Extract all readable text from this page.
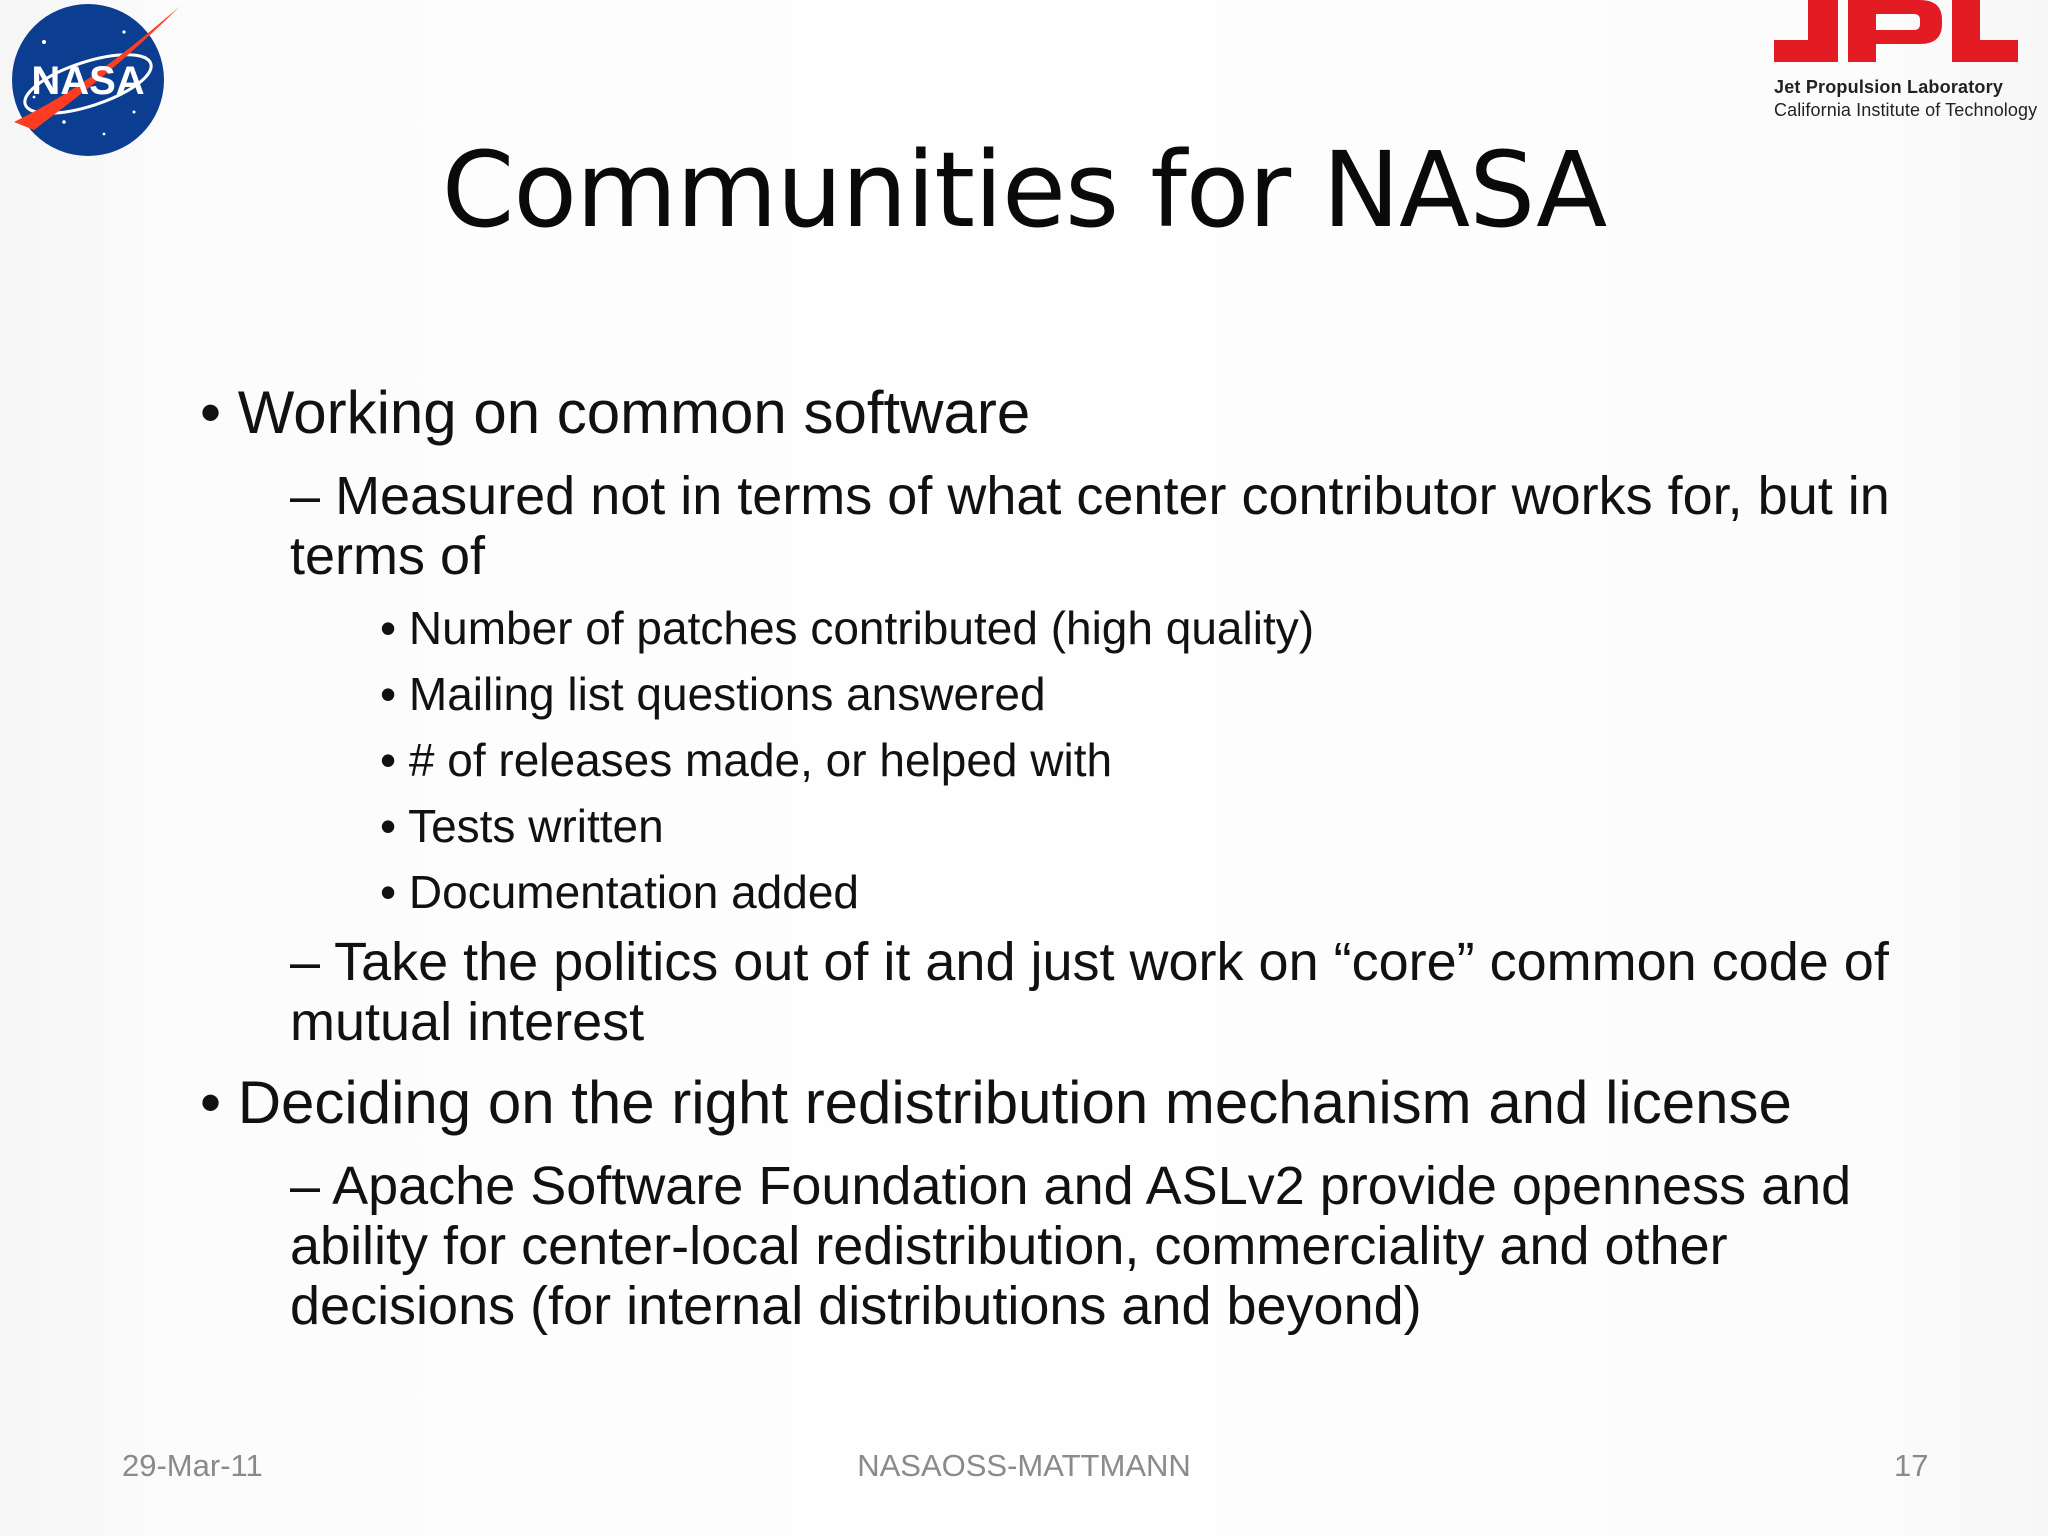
NASA	Jet Propulsion Laboratory
California Institute of Technology
Communities for NASA
• Working on common software
– Measured not in terms of what center contributor works for, but in terms of
• Number of patches contributed (high quality)
• Mailing list questions answered
• # of releases made, or helped with
• Tests written
• Documentation added
– Take the politics out of it and just work on “core” common code of mutual interest
• Deciding on the right redistribution mechanism and license
– Apache Software Foundation and ASLv2 provide openness and ability for center-local redistribution, commerciality and other decisions (for internal distributions and beyond)
29-Mar-11	NASAOSS-MATTMANN	17
